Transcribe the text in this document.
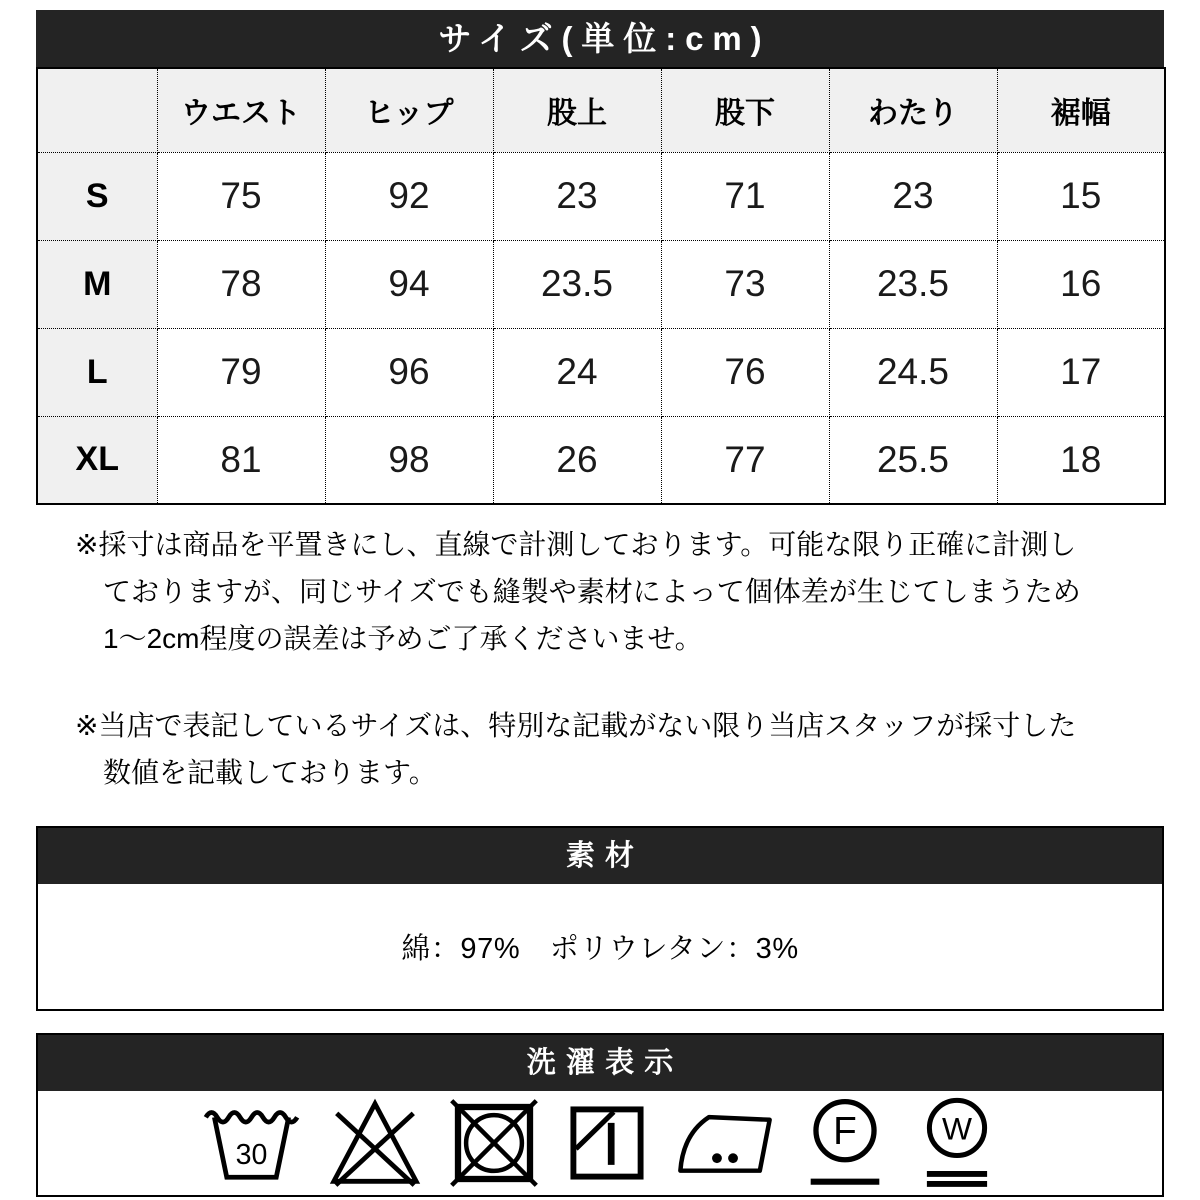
サイズ(単位:cm)
	ウエスト	ヒップ	股上	股下	わたり	裾幅
S	75	92	23	71	23	15
M	78	94	23.5	73	23.5	16
L	79	96	24	76	24.5	17
XL	81	98	26	77	25.5	18
※採寸は商品を平置きにし、直線で計測しております。可能な限り正確に計測し
ておりますが、同じサイズでも縫製や素材によって個体差が生じてしまうため
1～2cm程度の誤差は予めご了承くださいませ。
※当店で表記しているサイズは、特別な記載がない限り当店スタッフが採寸した
数値を記載しております。
素材
綿：97%　ポリウレタン：3%
洗濯表示
30
F W
